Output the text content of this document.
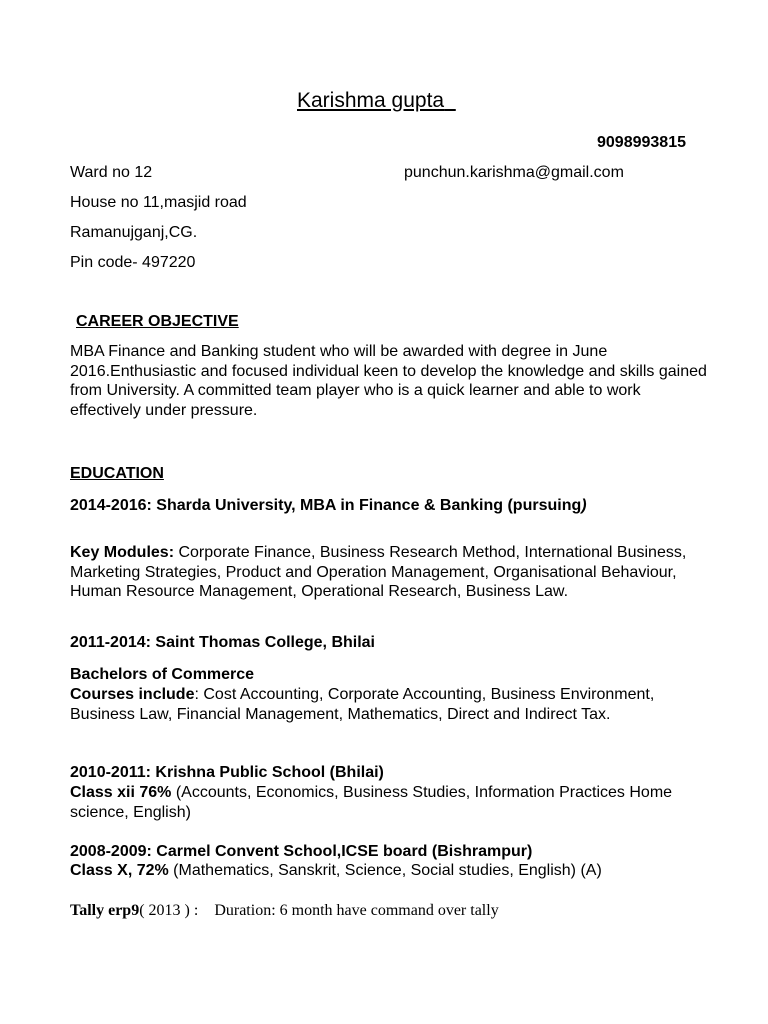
Karishma gupta
9098993815
Ward no 12	punchun.karishma@gmail.com
House no 11,masjid road
Ramanujganj,CG.
Pin code- 497220
CAREER OBJECTIVE
MBA Finance and Banking student who will be awarded with degree in June 2016.Enthusiastic and focused individual keen to develop the knowledge and skills gained from University. A committed team player who is a quick learner and able to work effectively under pressure.
EDUCATION
2014-2016: Sharda University, MBA in Finance & Banking (pursuing)
Key Modules: Corporate Finance, Business Research Method, International Business, Marketing Strategies, Product and Operation Management, Organisational Behaviour, Human Resource Management, Operational Research, Business Law.
2011-2014: Saint Thomas College, Bhilai
Bachelors of Commerce
Courses include: Cost Accounting, Corporate Accounting, Business Environment, Business Law, Financial Management, Mathematics, Direct and Indirect Tax.
2010-2011: Krishna Public School (Bhilai)
Class xii 76% (Accounts, Economics, Business Studies, Information Practices Home science, English)
2008-2009: Carmel Convent School,ICSE board (Bishrampur)
Class X, 72% (Mathematics, Sanskrit, Science, Social studies, English) (A)
Tally erp9( 2013 ) : Duration: 6 month have command over tally
